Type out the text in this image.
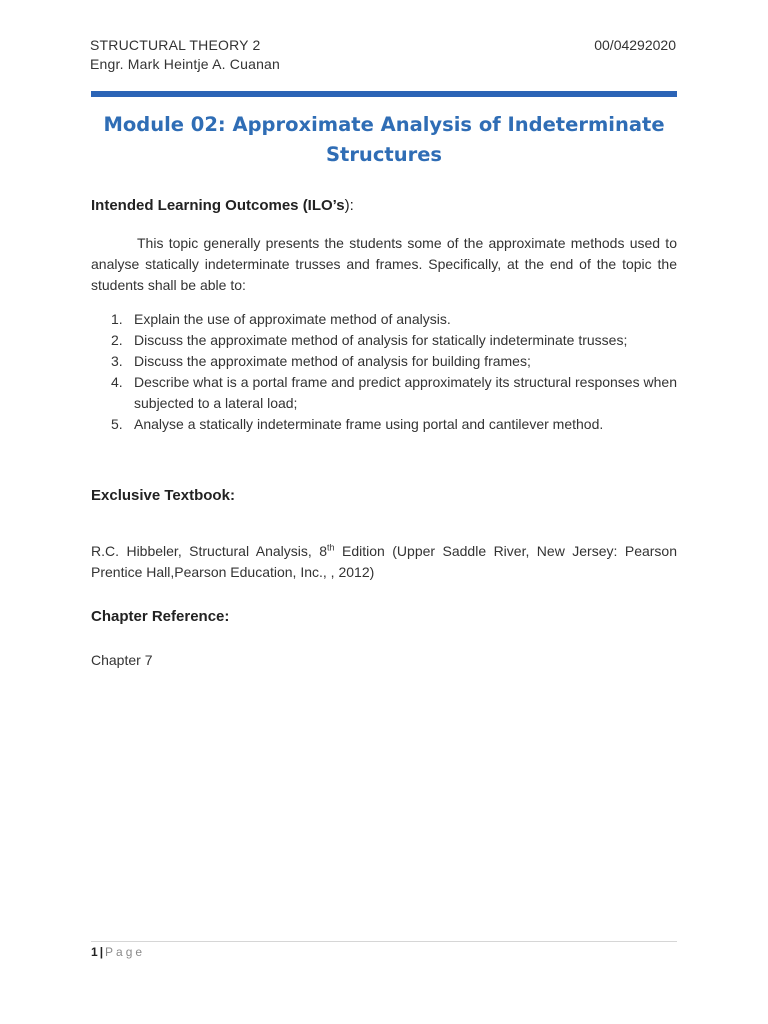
STRUCTURAL THEORY 2
Engr. Mark Heintje A. Cuanan
00/04292020
Module 02: Approximate Analysis of Indeterminate
Structures
Intended Learning Outcomes (ILO’s):

This topic generally presents the students some of the approximate methods used to analyse statically indeterminate trusses and frames. Specifically, at the end of the topic the students shall be able to:

1. Explain the use of approximate method of analysis.
2. Discuss the approximate method of analysis for statically indeterminate trusses;
3. Discuss the approximate method of analysis for building frames;
4. Describe what is a portal frame and predict approximately its structural responses when subjected to a lateral load;
5. Analyse a statically indeterminate frame using portal and cantilever method.
Exclusive Textbook:

R.C. Hibbeler, Structural Analysis, 8th Edition (Upper Saddle River, New Jersey: Pearson Prentice Hall,Pearson Education, Inc., , 2012)

Chapter Reference:
Chapter 7
1 | Page
